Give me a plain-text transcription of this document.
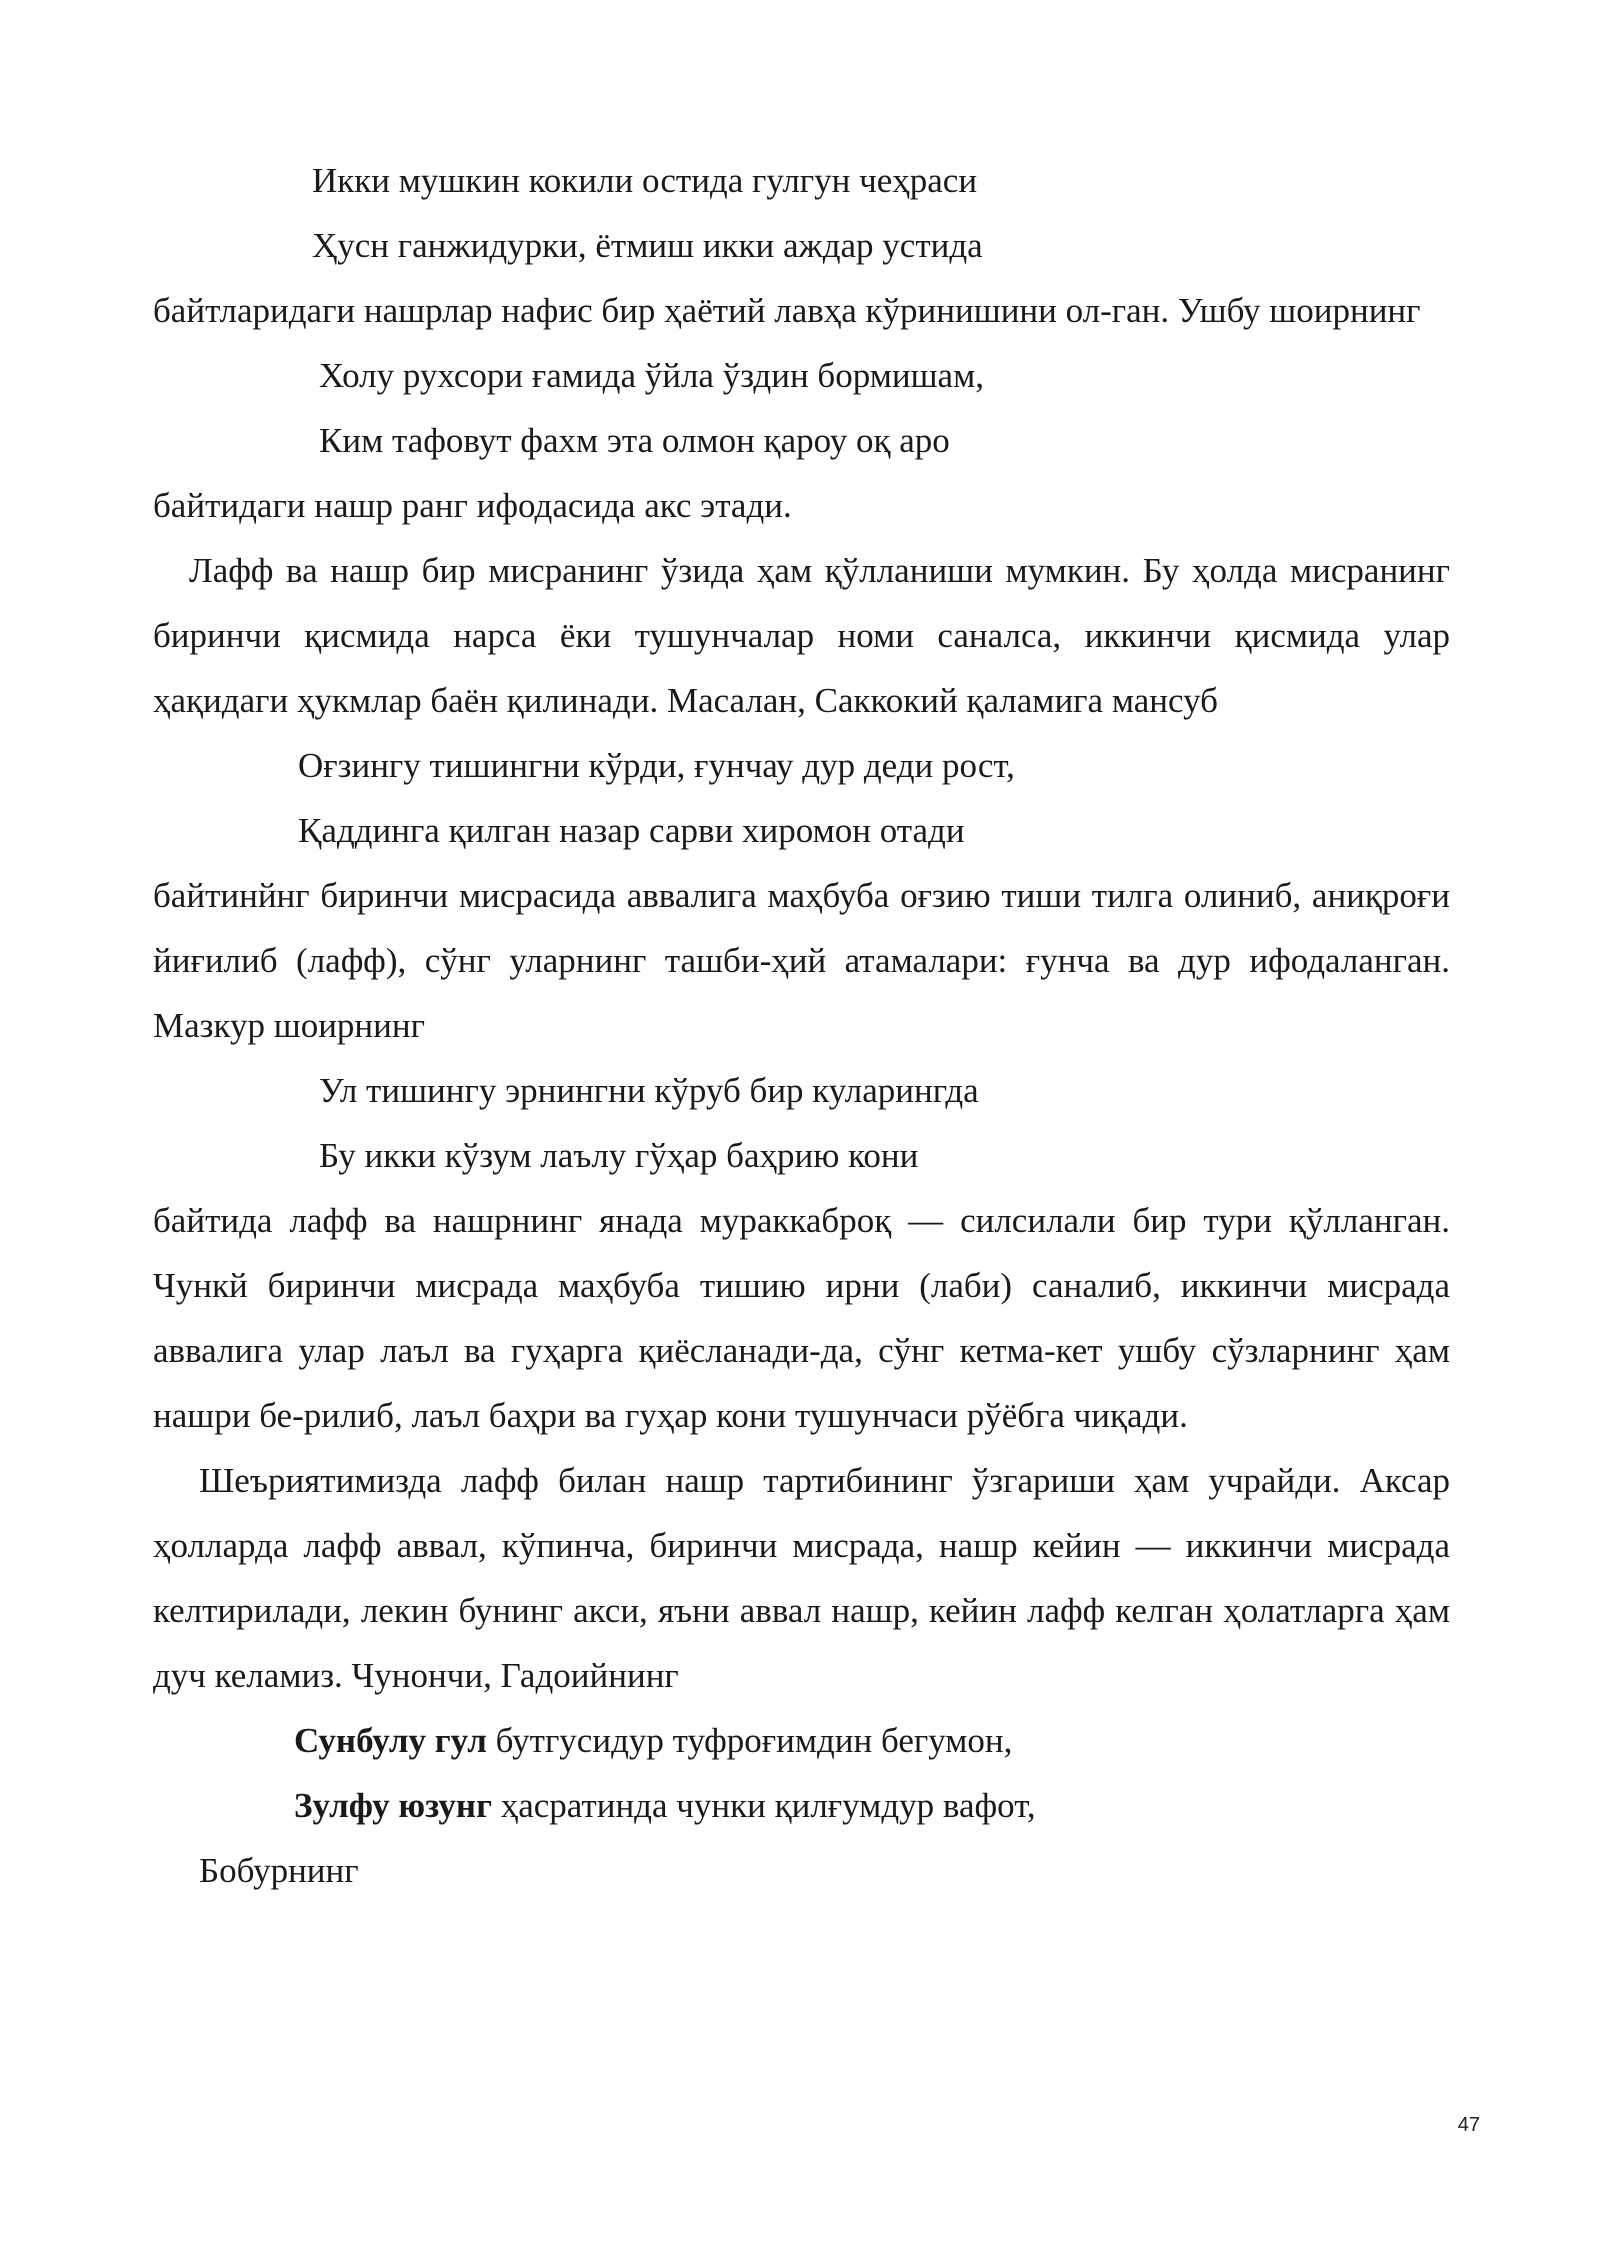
Икки мушкин кокили остида гулгун чеҳраси

Ҳусн ганжидурки, ётмиш икки аждар устида

байтларидаги нашрлар нафис бир ҳаётий лавҳа кўринишини ол-ган. Ушбу шоирнинг

Холу рухсори ғамида ўйла ўздин бормишам,

Ким тафовут фахм эта олмон қароу оқ аро

байтидаги нашр ранг ифодасида акс этади.

Лафф ва нашр бир мисранинг ўзида ҳам қўлланиши мумкин. Бу ҳолда мисранинг биринчи қисмида нарса ёки тушунчалар номи саналса, иккинчи қисмида улар ҳақидаги ҳукмлар баён қилинади. Масалан, Саккокий қаламига мансуб

Оғзингу тишингни кўрди, ғунчау дур деди рост,

Қаддинга қилган назар сарви хиромон отади

байтинйнг биринчи мисрасида аввалига маҳбуба оғзию тиши тилга олиниб, аниқроғи йиғилиб (лафф), сўнг уларнинг ташби-ҳий атамалари: ғунча ва дур ифодаланган. Мазкур шоирнинг

Ул тишингу эрнингни кўруб бир куларингда

Бу икки кўзум лаълу гўҳар баҳрию кони

байтида лафф ва нашрнинг янада мураккаброқ — силсилали бир тури қўлланган. Чункй биринчи мисрада маҳбуба тишию ирни (лаби) саналиб, иккинчи мисрада аввалига улар лаъл ва гуҳарга қиёсланади-да, сўнг кетма-кет ушбу сўзларнинг ҳам нашри бе-рилиб, лаъл баҳри ва гуҳар кони тушунчаси рўёбга чиқади.

Шеъриятимизда лафф билан нашр тартибининг ўзгариши ҳам учрайди. Аксар ҳолларда лафф аввал, кўпинча, биринчи мисрада, нашр кейин — иккинчи мисрада келтирилади, лекин бунинг акси, яъни аввал нашр, кейин лафф келган ҳолатларга ҳам дуч келамиз. Чунончи, Гадоийнинг

Сунбулу гул бутгусидур туфроғимдин бегумон,

Зулфу юзунг ҳасратинда чунки қилғумдур вафот,

Бобурнинг

47
